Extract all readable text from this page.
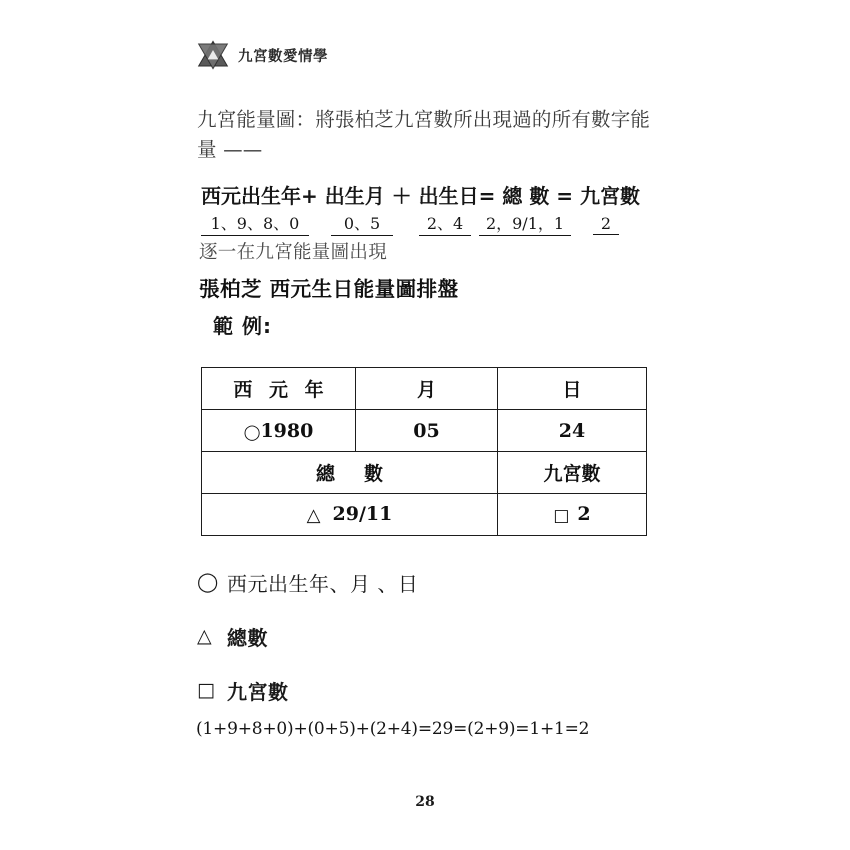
九宮數愛情學
九宮能量圖：將張柏芝九宮數所出現過的所有數字能量 ——
西元出生年+ 出生月 ＋ 出生日= 總 數 = 九宮數
1、9、8、0	0、5	2、4 2，9/1，1 2
逐一在九宮能量圖出現
張柏芝 西元生日能量圖排盤
範 例:
西 元 年	月	日
◯1980	05	24
總　數		九宮數
△ 29/11		□ 2
◯ 西元出生年、月 、日
△ 總數
□ 九宮數
(1+9+8+0)+(0+5)+(2+4)=29=(2+9)=1+1=2
28
